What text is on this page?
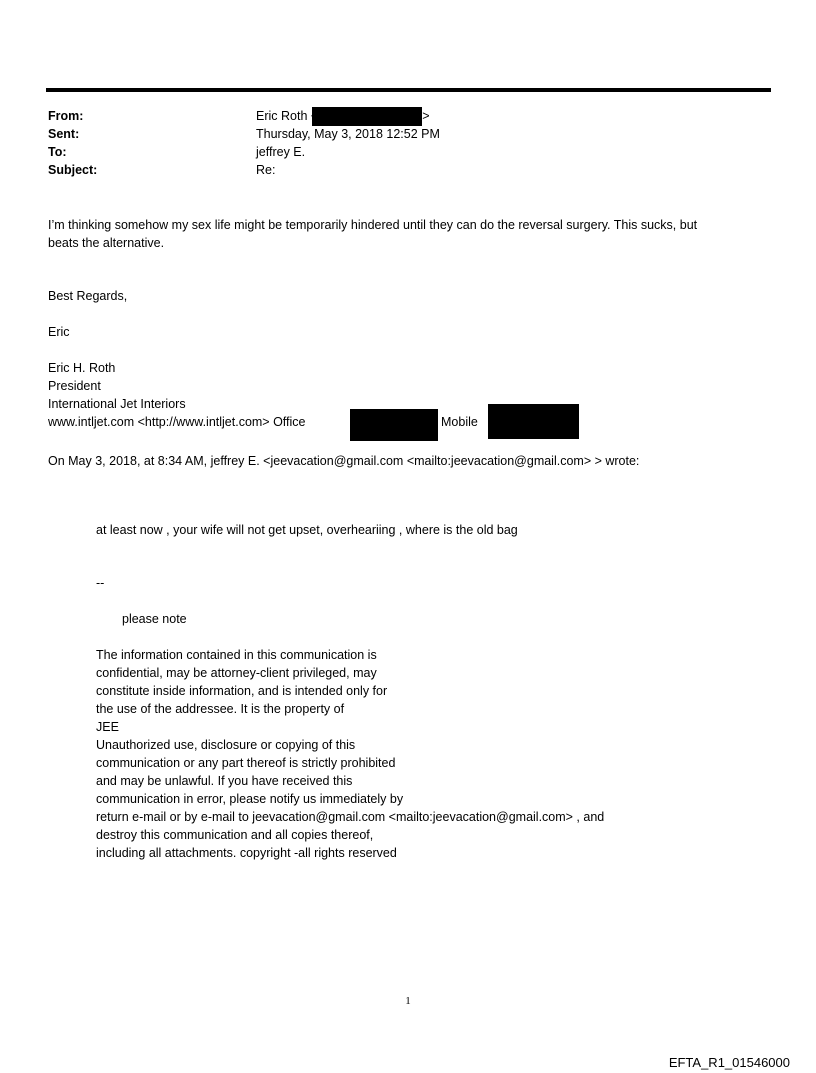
From:	Eric Roth	>
Sent:	Thursday, May 3, 2018 12:52 PM
To:	jeffrey E.
Subject:	Re:
I’m thinking somehow my sex life might be temporarily hindered until they can do the reversal surgery. This sucks, but
beats the alternative.
Best Regards,
Eric
Eric H. Roth
President
International Jet Interiors
www.intljet.com <http://www.intljet.com> Office	Mobile
On May 3, 2018, at 8:34 AM, jeffrey E. <jeevacation@gmail.com <mailto:jeevacation@gmail.com> > wrote:
at least now , your wife will not get upset, overheariing , where is the old bag
--
please note
The information contained in this communication is
confidential, may be attorney-client privileged, may
constitute inside information, and is intended only for
the use of the addressee. It is the property of
JEE
Unauthorized use, disclosure or copying of this
communication or any part thereof is strictly prohibited
and may be unlawful. If you have received this
communication in error, please notify us immediately by
return e-mail or by e-mail to jeevacation@gmail.com <mailto:jeevacation@gmail.com> , and
destroy this communication and all copies thereof,
including all attachments. copyright -all rights reserved
1
EFTA_R1_01546000
